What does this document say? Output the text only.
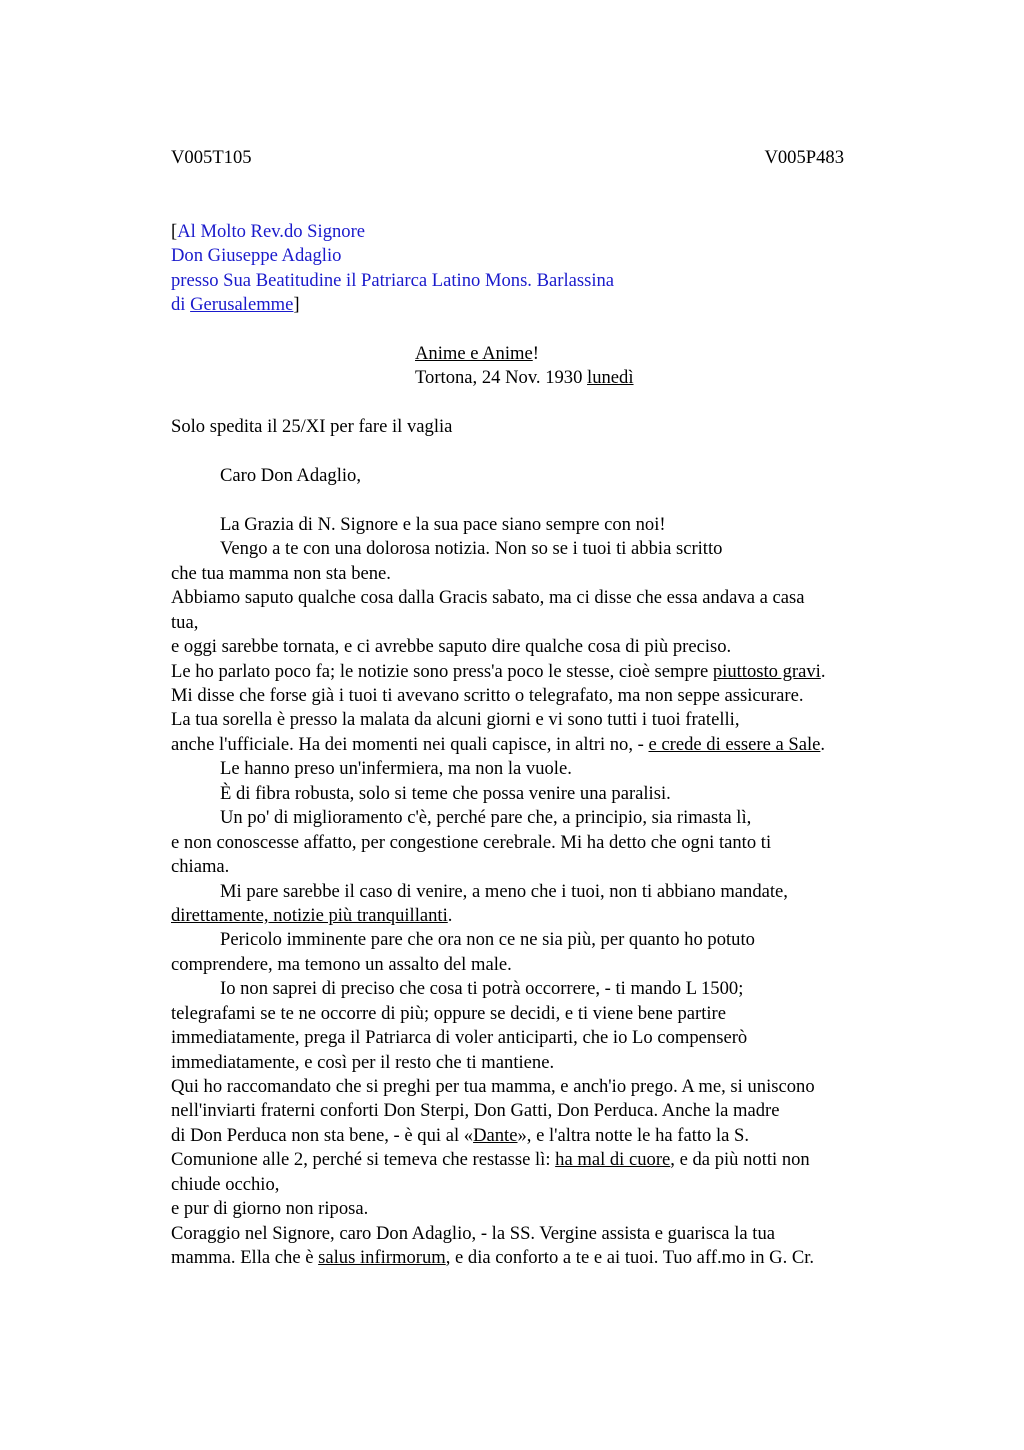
V005T105	V005P483
[Al Molto Rev.do Signore
Don Giuseppe Adaglio
presso Sua Beatitudine il Patriarca Latino Mons. Barlassina
di Gerusalemme]
Anime e Anime!
Tortona, 24 Nov. 1930 lunedì
Solo spedita il 25/XI per fare il vaglia
Caro Don Adaglio,
La Grazia di N. Signore e la sua pace siano sempre con noi!
Vengo a te con una dolorosa notizia. Non so se i tuoi ti abbia scritto
che tua mamma non sta bene.
Abbiamo saputo qualche cosa dalla Gracis sabato, ma ci disse che essa andava a casa
tua,
e oggi sarebbe tornata, e ci avrebbe saputo dire qualche cosa di più preciso.
Le ho parlato poco fa; le notizie sono press'a poco le stesse, cioè sempre piuttosto gravi.
Mi disse che forse già i tuoi ti avevano scritto o telegrafato, ma non seppe assicurare.
La tua sorella è presso la malata da alcuni giorni e vi sono tutti i tuoi fratelli,
anche l'ufficiale. Ha dei momenti nei quali capisce, in altri no, - e crede di essere a Sale.
Le hanno preso un'infermiera, ma non la vuole.
È di fibra robusta, solo si teme che possa venire una paralisi.
Un po' di miglioramento c'è, perché pare che, a principio, sia rimasta lì,
e non conoscesse affatto, per congestione cerebrale. Mi ha detto che ogni tanto ti
chiama.
Mi pare sarebbe il caso di venire, a meno che i tuoi, non ti abbiano mandate,
direttamente, notizie più tranquillanti.
Pericolo imminente pare che ora non ce ne sia più, per quanto ho potuto
comprendere, ma temono un assalto del male.
Io non saprei di preciso che cosa ti potrà occorrere, - ti mando L 1500;
telegrafami se te ne occorre di più; oppure se decidi, e ti viene bene partire
immediatamente, prega il Patriarca di voler anticiparti, che io Lo compenserò
immediatamente, e così per il resto che ti mantiene.
Qui ho raccomandato che si preghi per tua mamma, e anch'io prego. A me, si uniscono
nell'inviarti fraterni conforti Don Sterpi, Don Gatti, Don Perduca. Anche la madre
di Don Perduca non sta bene, - è qui al «Dante», e l'altra notte le ha fatto la S.
Comunione alle 2, perché si temeva che restasse lì: ha mal di cuore, e da più notti non
chiude occhio,
e pur di giorno non riposa.
Coraggio nel Signore, caro Don Adaglio, - la SS. Vergine assista e guarisca la tua
mamma. Ella che è salus infirmorum, e dia conforto a te e ai tuoi. Tuo aff.mo in G. Cr.
